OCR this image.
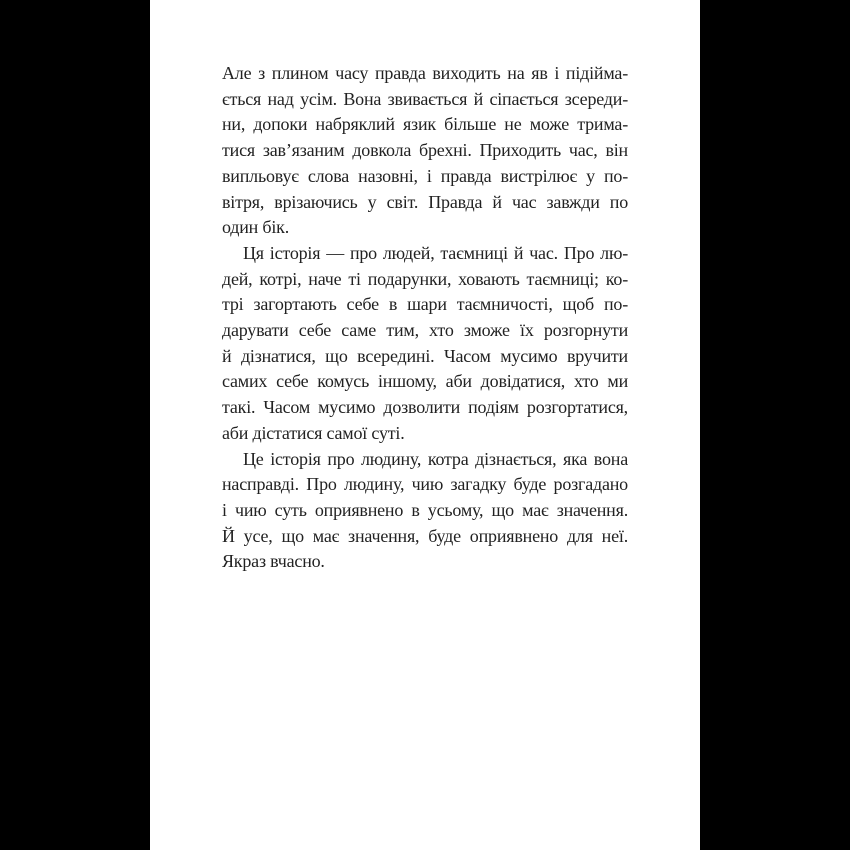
Але з плином часу правда виходить на яв і підійма-
ється над усім. Вона звивається й сіпається зсереди-
ни, допоки набряклий язик більше не може трима-
тися зав’язаним довкола брехні. Приходить час, він
випльовує слова назовні, і правда вистрілює у по-
вітря, врізаючись у світ. Правда й час завжди по
один бік.
Ця історія — про людей, таємниці й час. Про лю-
дей, котрі, наче ті подарунки, ховають таємниці; ко-
трі загортають себе в шари таємничості, щоб по-
дарувати себе саме тим, хто зможе їх розгорнути
й дізнатися, що всередині. Часом мусимо вручити
самих себе комусь іншому, аби довідатися, хто ми
такі. Часом мусимо дозволити подіям розгортатися,
аби дістатися самої суті.
Це історія про людину, котра дізнається, яка вона
насправді. Про людину, чию загадку буде розгадано
і чию суть оприявнено в усьому, що має значення.
Й усе, що має значення, буде оприявнено для неї.
Якраз вчасно.
